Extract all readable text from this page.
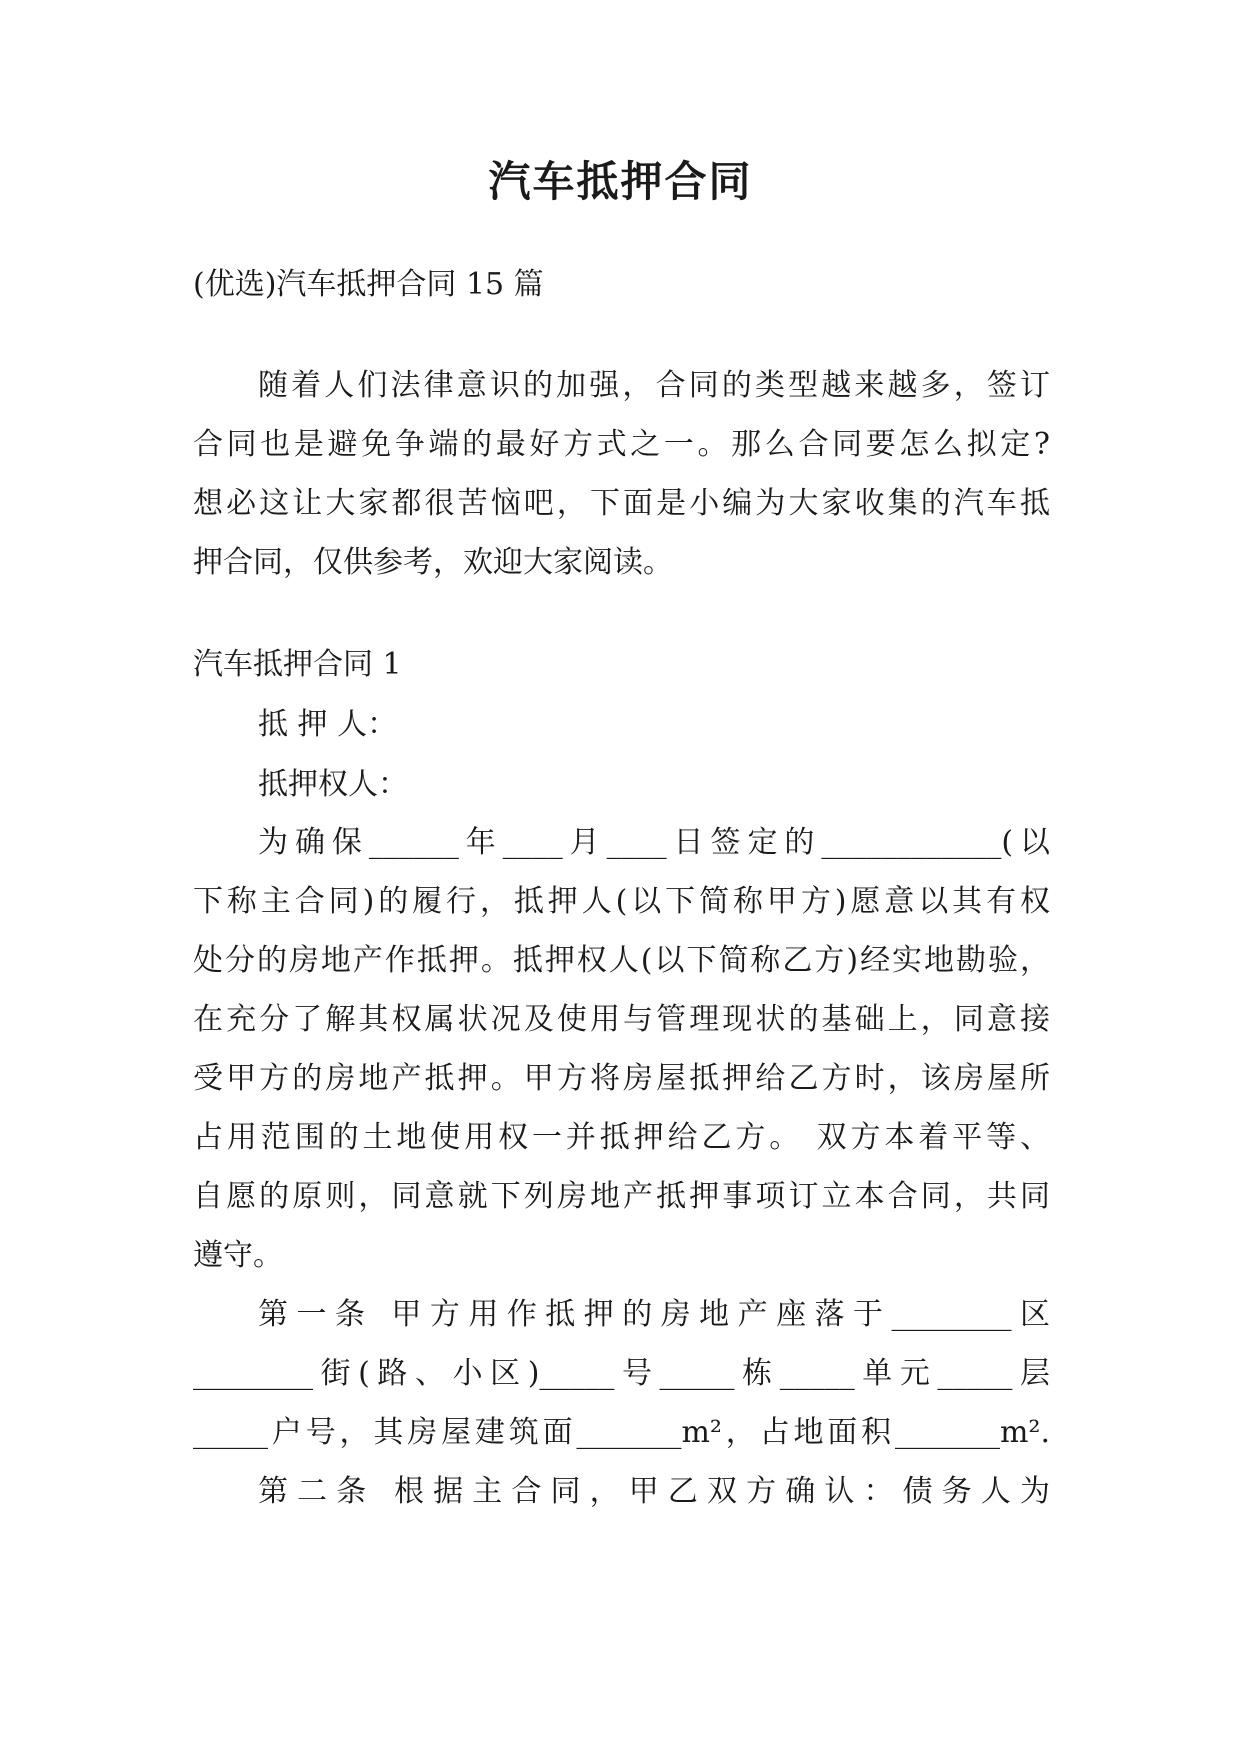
汽车抵押合同
(优选)汽车抵押合同 15 篇
随着人们法律意识的加强，合同的类型越来越多，签订
合同也是避免争端的最好方式之一。那么合同要怎么拟定?
想必这让大家都很苦恼吧，下面是小编为大家收集的汽车抵
押合同，仅供参考，欢迎大家阅读。
汽车抵押合同 1
抵 押 人：
抵押权人：
为确保______年____月____日签定的____________(以
下称主合同)的履行，抵押人(以下简称甲方)愿意以其有权
处分的房地产作抵押。抵押权人(以下简称乙方)经实地勘验，
在充分了解其权属状况及使用与管理现状的基础上，同意接
受甲方的房地产抵押。甲方将房屋抵押给乙方时，该房屋所
占用范围的土地使用权一并抵押给乙方。 双方本着平等、
自愿的原则，同意就下列房地产抵押事项订立本合同，共同
遵守。
第一条 甲方用作抵押的房地产座落于________区
________街(路、小区)_____号_____栋_____单元_____层
_____户号，其房屋建筑面_______m²，占地面积_______m².
第二条 根据主合同，甲乙双方确认：债务人为
